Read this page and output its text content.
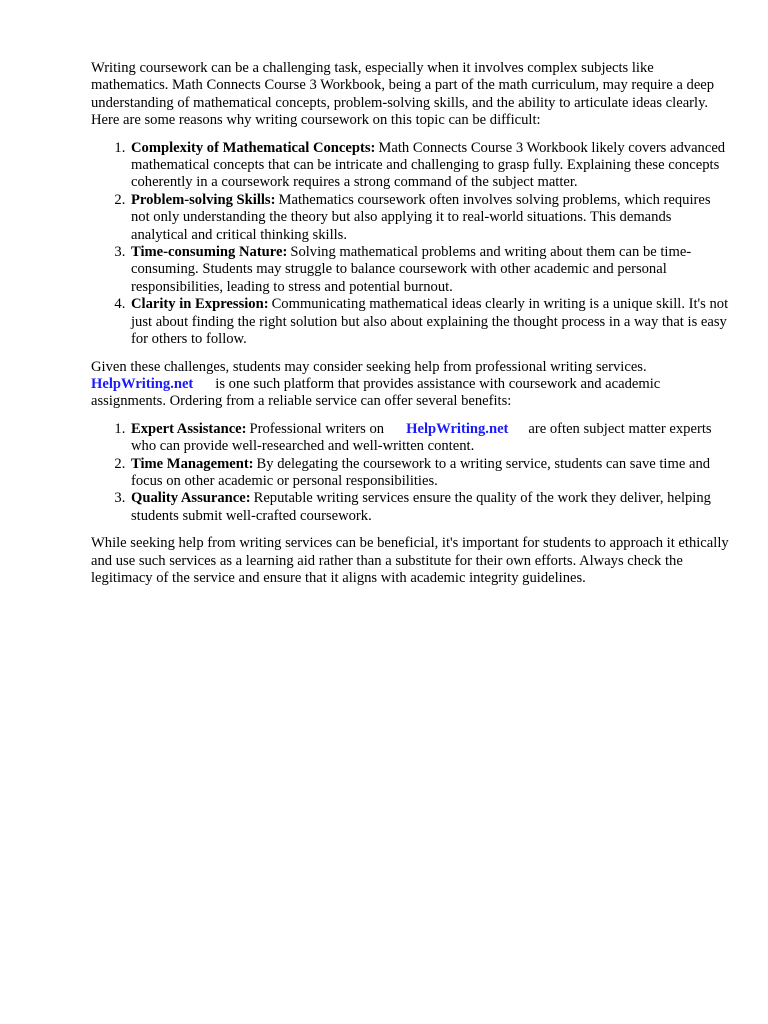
Writing coursework can be a challenging task, especially when it involves complex subjects like mathematics. Math Connects Course 3 Workbook, being a part of the math curriculum, may require a deep understanding of mathematical concepts, problem-solving skills, and the ability to articulate ideas clearly. Here are some reasons why writing coursework on this topic can be difficult:

1. Complexity of Mathematical Concepts: Math Connects Course 3 Workbook likely covers advanced mathematical concepts that can be intricate and challenging to grasp fully. Explaining these concepts coherently in a coursework requires a strong command of the subject matter.
2. Problem-solving Skills: Mathematics coursework often involves solving problems, which requires not only understanding the theory but also applying it to real-world situations. This demands analytical and critical thinking skills.
3. Time-consuming Nature: Solving mathematical problems and writing about them can be time-consuming. Students may struggle to balance coursework with other academic and personal responsibilities, leading to stress and potential burnout.
4. Clarity in Expression: Communicating mathematical ideas clearly in writing is a unique skill. It's not just about finding the right solution but also about explaining the thought process in a way that is easy for others to follow.

Given these challenges, students may consider seeking help from professional writing services.
HelpWriting.net is one such platform that provides assistance with coursework and academic assignments. Ordering from a reliable service can offer several benefits:

1. Expert Assistance: Professional writers on HelpWriting.net are often subject matter experts who can provide well-researched and well-written content.
2. Time Management: By delegating the coursework to a writing service, students can save time and focus on other academic or personal responsibilities.
3. Quality Assurance: Reputable writing services ensure the quality of the work they deliver, helping students submit well-crafted coursework.

While seeking help from writing services can be beneficial, it's important for students to approach it ethically and use such services as a learning aid rather than a substitute for their own efforts. Always check the legitimacy of the service and ensure that it aligns with academic integrity guidelines.
